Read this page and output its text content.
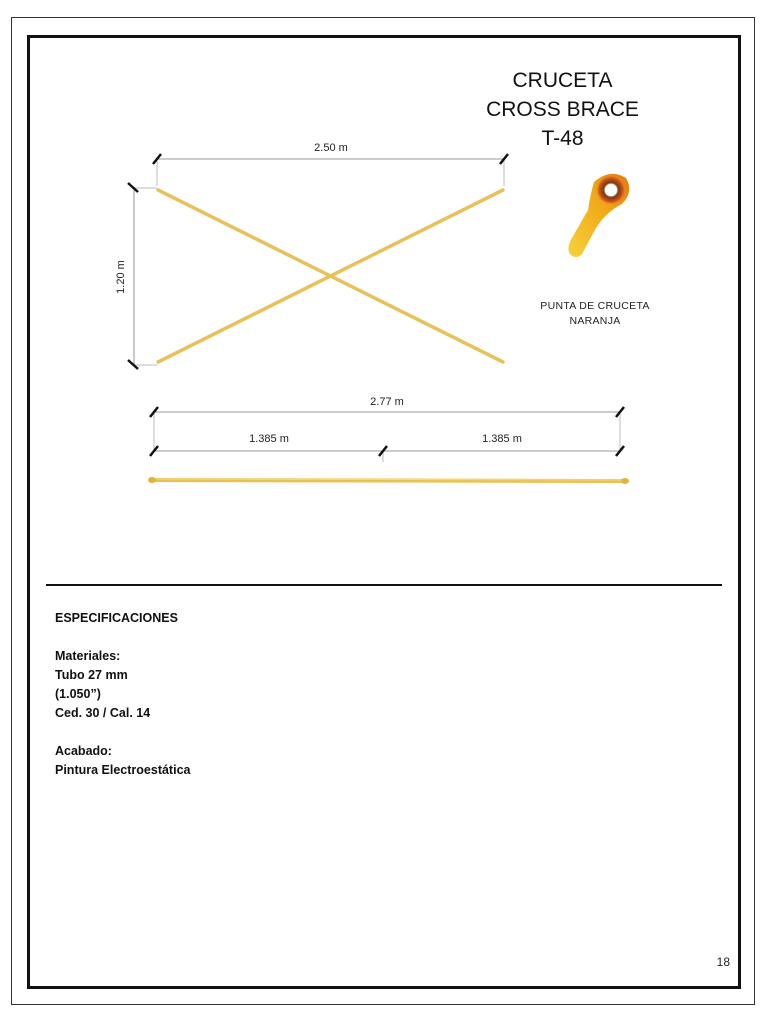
CRUCETA
CROSS BRACE
T-48
2.50 m
1.20 m
2.77 m
1.385 m	1.385 m
PUNTA DE CRUCETA
NARANJA
ESPECIFICACIONES
Materiales:
Tubo 27 mm
(1.050”)
Ced. 30 / Cal. 14
Acabado:
Pintura Electroestática
18
